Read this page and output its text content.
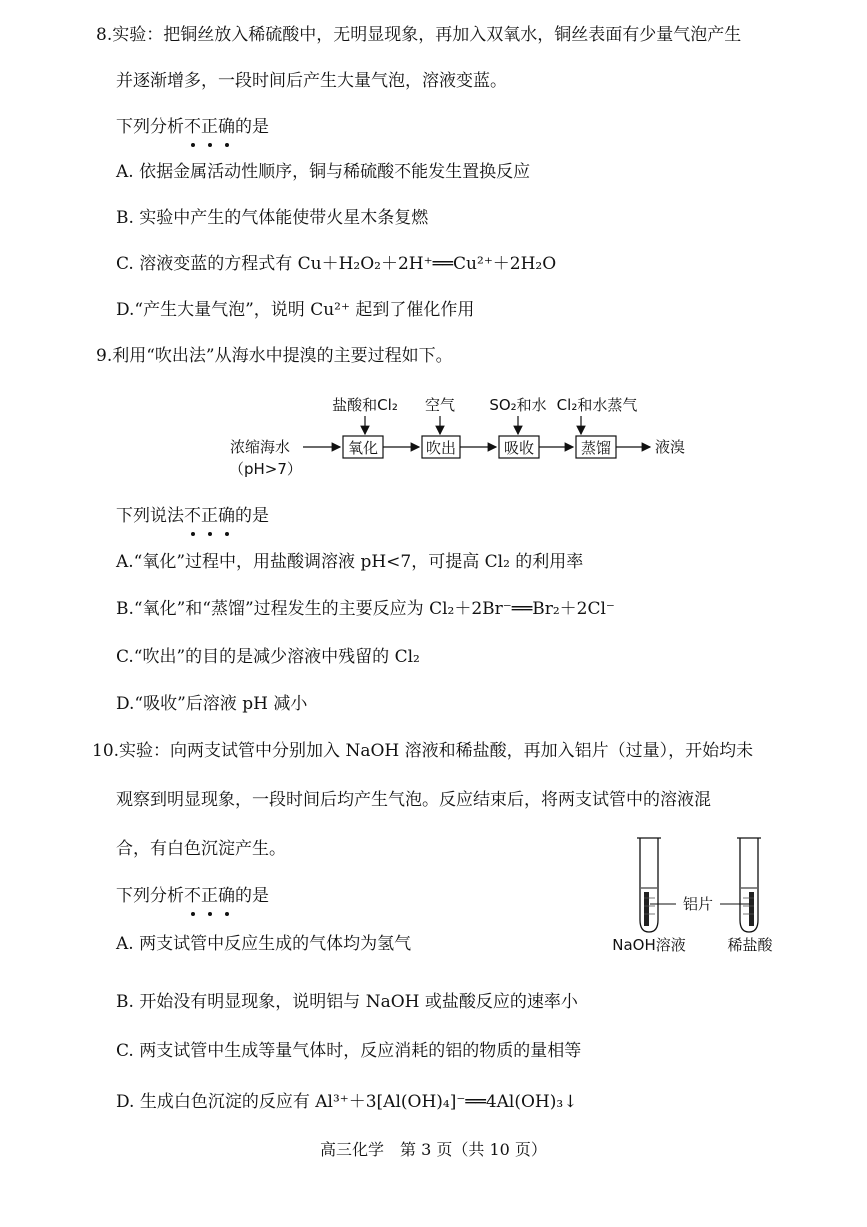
8.实验：把铜丝放入稀硫酸中，无明显现象，再加入双氧水，铜丝表面有少量气泡产生
并逐渐增多，一段时间后产生大量气泡，溶液变蓝。
下列分析不正确的是
A. 依据金属活动性顺序，铜与稀硫酸不能发生置换反应
B. 实验中产生的气体能使带火星木条复燃
C. 溶液变蓝的方程式有 Cu＋H₂O₂＋2H⁺══Cu²⁺＋2H₂O
D.“产生大量气泡”，说明 Cu²⁺ 起到了催化作用
9.利用“吹出法”从海水中提溴的主要过程如下。
盐酸和Cl₂ 空气 SO₂和水 Cl₂和水蒸气
浓缩海水
（pH>7）
氧化	吹出	吸收	蒸馏	液溴
下列说法不正确的是
A.“氧化”过程中，用盐酸调溶液 pH<7，可提高 Cl₂ 的利用率
B.“氧化”和“蒸馏”过程发生的主要反应为 Cl₂＋2Br⁻══Br₂＋2Cl⁻
C.“吹出”的目的是减少溶液中残留的 Cl₂
D.“吸收”后溶液 pH 减小
10.实验：向两支试管中分别加入 NaOH 溶液和稀盐酸，再加入铝片（过量），开始均未
观察到明显现象，一段时间后均产生气泡。反应结束后，将两支试管中的溶液混
合，有白色沉淀产生。
下列分析不正确的是	铝片
NaOH溶液	稀盐酸
A. 两支试管中反应生成的气体均为氢气
B. 开始没有明显现象，说明铝与 NaOH 或盐酸反应的速率小
C. 两支试管中生成等量气体时，反应消耗的铝的物质的量相等
D. 生成白色沉淀的反应有 Al³⁺＋3[Al(OH)₄]⁻══4Al(OH)₃↓
高三化学　第 3 页（共 10 页）
